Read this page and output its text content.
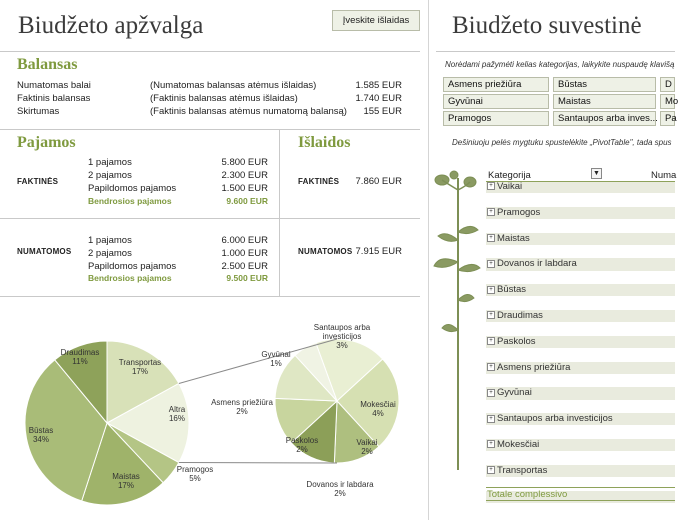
Biudžeto apžvalga	Įveskite išlaidas
Balansas
Numatomas balai	(Numatomas balansas atėmus išlaidas)	1.585 EUR
Faktinis balansas	(Faktinis balansas atėmus išlaidas)	1.740 EUR
Skirtumas	(Faktinis balansas atėmus numatomą balansą)	155 EUR
Pajamos	Išlaidos
FAKTINĖS
1 pajamos	5.800 EUR
2 pajamos	2.300 EUR
Papildomos pajamos	1.500 EUR
Bendrosios pajamos	9.600 EUR
FAKTINĖS	7.860 EUR
NUMATOMOS
1 pajamos	6.000 EUR
2 pajamos	1.000 EUR
Papildomos pajamos	2.500 EUR
Bendrosios pajamos	9.500 EUR
NUMATOMOS 7.915 EUR
Transportas
17%
Altra
16%
Pramogos
5%
Maistas
17%
Būstas
34%
Draudimas
11%
Santaupos arba investicijos
3%
Mokesčiai
4%
Vaikai
2%
Dovanos ir labdara
2%
Paskolos
2%
Asmens priežiūra
2%
Gyvūnai
1%
Biudžeto suvestinė
Norėdami pažymėti kelias kategorijas, laikykite nuspaudę klavišą
Asmens priežiūra	Būstas	D
Gyvūnai	Maistas	Mo
Pramogos	Santaupos arba inves... Pa
Dešiniuoju pelės mygtuku spustelėkite „PivotTable", tada spus
Kategorija	▼	Numa
+ Vaikai
+ Pramogos
+ Maistas
+ Dovanos ir labdara
+ Būstas
+ Draudimas
+ Paskolos
+ Asmens priežiūra
+ Gyvūnai
+ Santaupos arba investicijos
+ Mokesčiai
+ Transportas
Totale complessivo
